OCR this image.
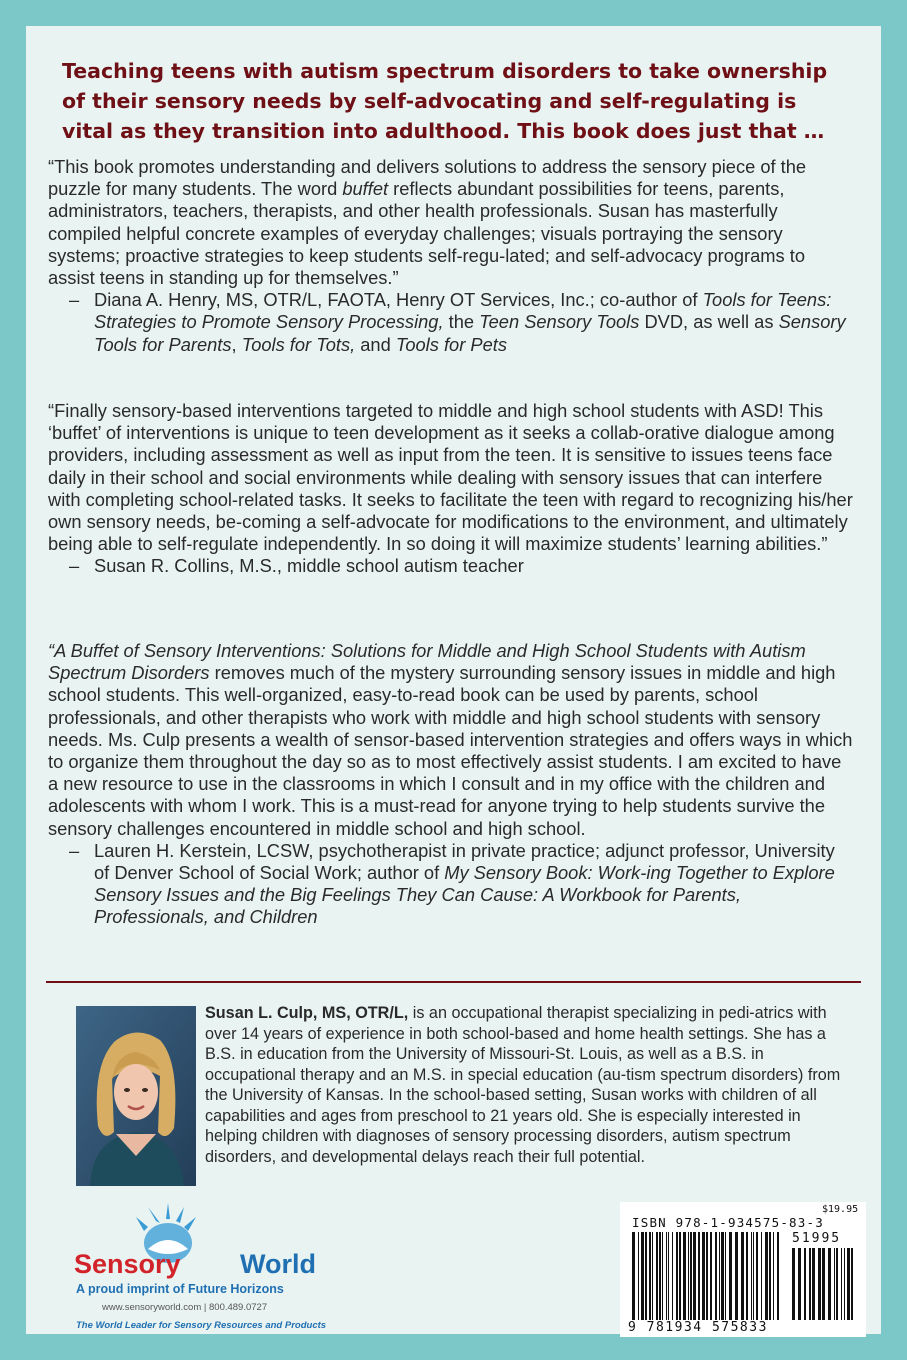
Teaching teens with autism spectrum disorders to take ownership of their sensory needs by self-advocating and self-regulating is vital as they transition into adulthood. This book does just that …

“This book promotes understanding and delivers solutions to address the sensory piece of the puzzle for many students. The word buffet reflects abundant possibilities for teens, parents, administrators, teachers, therapists, and other health professionals. Susan has masterfully compiled helpful concrete examples of everyday challenges; visuals portraying the sensory systems; proactive strategies to keep students self-regu-lated; and self-advocacy programs to assist teens in standing up for themselves.”
– Diana A. Henry, MS, OTR/L, FAOTA, Henry OT Services, Inc.; co-author of Tools for Teens: Strategies to Promote Sensory Processing, the Teen Sensory Tools DVD, as well as Sensory Tools for Parents, Tools for Tots, and Tools for Pets

“Finally sensory-based interventions targeted to middle and high school students with ASD! This ‘buffet’ of interventions is unique to teen development as it seeks a collab-orative dialogue among providers, including assessment as well as input from the teen. It is sensitive to issues teens face daily in their school and social environments while dealing with sensory issues that can interfere with completing school-related tasks. It seeks to facilitate the teen with regard to recognizing his/her own sensory needs, be-coming a self-advocate for modifications to the environment, and ultimately being able to self-regulate independently. In so doing it will maximize students’ learning abilities.”
– Susan R. Collins, M.S., middle school autism teacher

“A Buffet of Sensory Interventions: Solutions for Middle and High School Students with Autism Spectrum Disorders removes much of the mystery surrounding sensory issues in middle and high school students. This well-organized, easy-to-read book can be used by parents, school professionals, and other therapists who work with middle and high school students with sensory needs. Ms. Culp presents a wealth of sensor-based intervention strategies and offers ways in which to organize them throughout the day so as to most effectively assist students. I am excited to have a new resource to use in the classrooms in which I consult and in my office with the children and adolescents with whom I work. This is a must-read for anyone trying to help students survive the sensory challenges encountered in middle school and high school.
– Lauren H. Kerstein, LCSW, psychotherapist in private practice; adjunct professor, University of Denver School of Social Work; author of My Sensory Book: Work-ing Together to Explore Sensory Issues and the Big Feelings They Can Cause: A Workbook for Parents, Professionals, and Children

Susan L. Culp, MS, OTR/L, is an occupational therapist specializing in pedi-atrics with over 14 years of experience in both school-based and home health settings. She has a B.S. in education from the University of Missouri-St. Louis, as well as a B.S. in occupational therapy and an M.S. in special education (au-tism spectrum disorders) from the University of Kansas. In the school-based setting, Susan works with children of all capabilities and ages from preschool to 21 years old. She is especially interested in helping children with diagnoses of sensory processing disorders, autism spectrum disorders, and developmental delays reach their full potential.

Sensory World
A proud imprint of Future Horizons
www.sensoryworld.com | 800.489.0727
The World Leader for Sensory Resources and Products
$19.95
ISBN 978-1-934575-83-3
51995
9 781934 575833
